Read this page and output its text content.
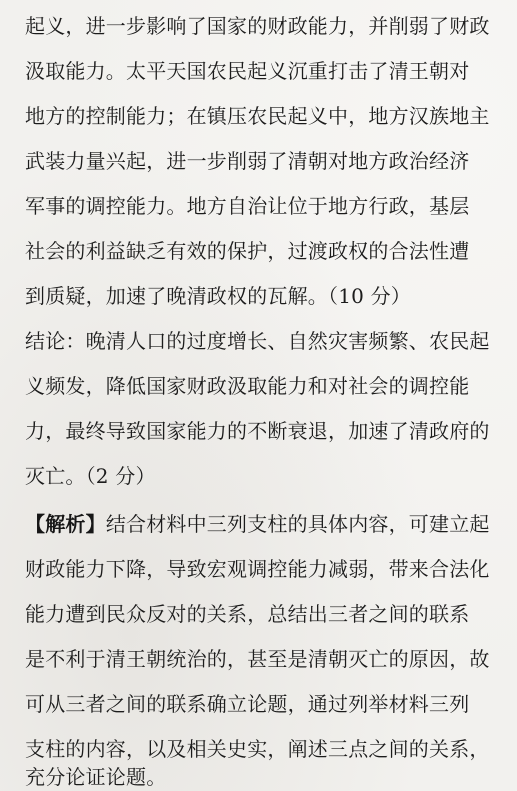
起义，进一步影响了国家的财政能力，并削弱了财政
汲取能力。太平天国农民起义沉重打击了清王朝对
地方的控制能力；在镇压农民起义中，地方汉族地主
武装力量兴起，进一步削弱了清朝对地方政治经济
军事的调控能力。地方自治让位于地方行政，基层
社会的利益缺乏有效的保护，过渡政权的合法性遭
到质疑，加速了晚清政权的瓦解。（10 分）
结论：晚清人口的过度增长、自然灾害频繁、农民起
义频发，降低国家财政汲取能力和对社会的调控能
力，最终导致国家能力的不断衰退，加速了清政府的
灭亡。（2 分）
【解析】结合材料中三列支柱的具体内容，可建立起
财政能力下降，导致宏观调控能力减弱，带来合法化
能力遭到民众反对的关系，总结出三者之间的联系
是不利于清王朝统治的，甚至是清朝灭亡的原因，故
可从三者之间的联系确立论题，通过列举材料三列
支柱的内容，以及相关史实，阐述三点之间的关系，
充分论证论题。
